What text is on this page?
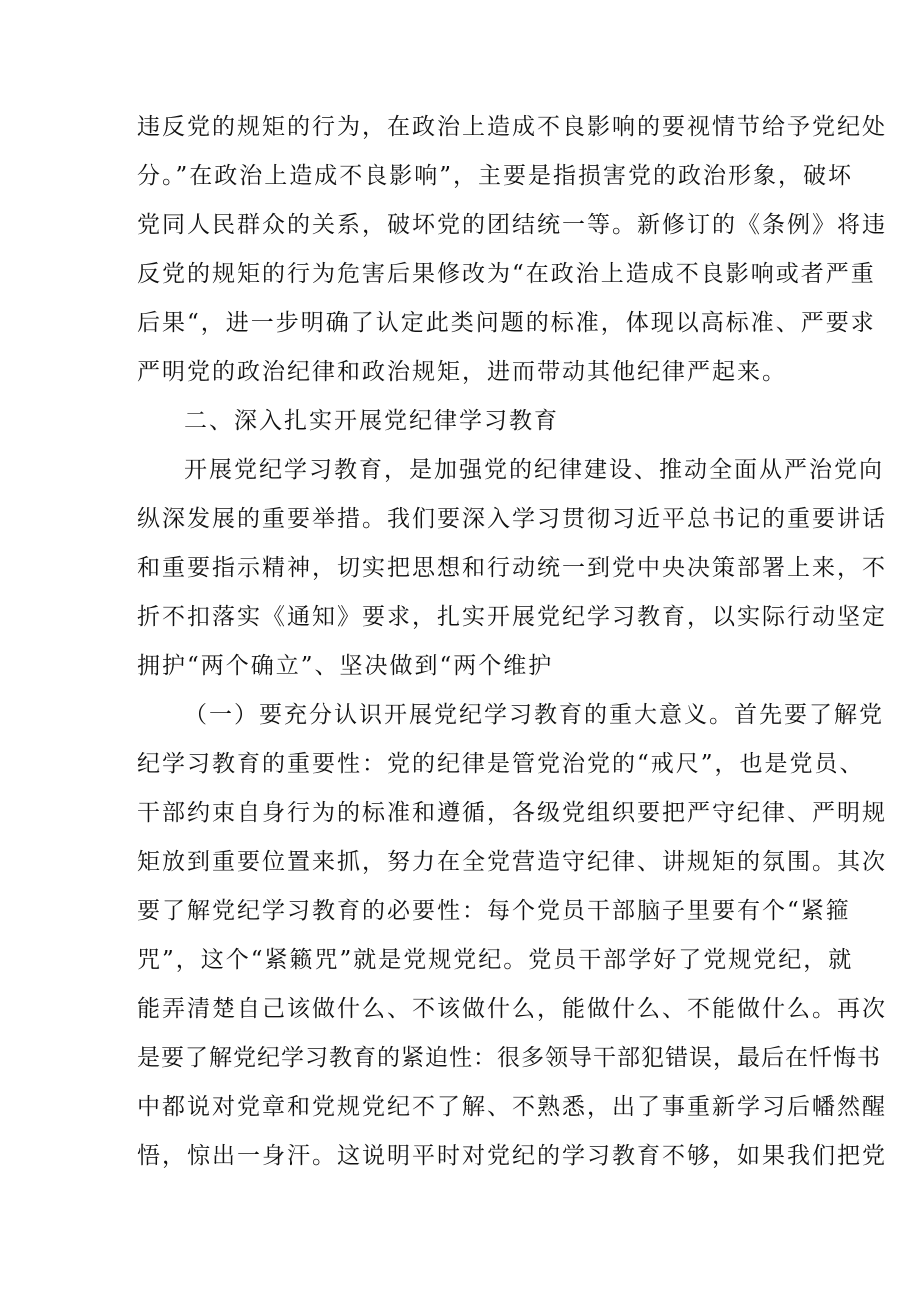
违反党的规矩的行为，在政治上造成不良影响的要视情节给予党纪处
分。”在政治上造成不良影响”，主要是指损害党的政治形象，破坏
党同人民群众的关系，破坏党的团结统一等。新修订的《条例》将违
反党的规矩的行为危害后果修改为“在政治上造成不良影响或者严重
后果“，进一步明确了认定此类问题的标准，体现以高标准、严要求
严明党的政治纪律和政治规矩，进而带动其他纪律严起来。
二、深入扎实开展党纪律学习教育
开展党纪学习教育，是加强党的纪律建设、推动全面从严治党向
纵深发展的重要举措。我们要深入学习贯彻习近平总书记的重要讲话
和重要指示精神，切实把思想和行动统一到党中央决策部署上来，不
折不扣落实《通知》要求，扎实开展党纪学习教育，以实际行动坚定
拥护“两个确立”、坚决做到“两个维护
（一）要充分认识开展党纪学习教育的重大意义。首先要了解党
纪学习教育的重要性：党的纪律是管党治党的“戒尺”，也是党员、
干部约束自身行为的标准和遵循，各级党组织要把严守纪律、严明规
矩放到重要位置来抓，努力在全党营造守纪律、讲规矩的氛围。其次
要了解党纪学习教育的必要性：每个党员干部脑子里要有个“紧箍
咒”，这个“紧籁咒”就是党规党纪。党员干部学好了党规党纪，就
能弄清楚自己该做什么、不该做什么，能做什么、不能做什么。再次
是要了解党纪学习教育的紧迫性：很多领导干部犯错误，最后在忏悔书
中都说对党章和党规党纪不了解、不熟悉，出了事重新学习后幡然醒
悟，惊出一身汗。这说明平时对党纪的学习教育不够，如果我们把党
